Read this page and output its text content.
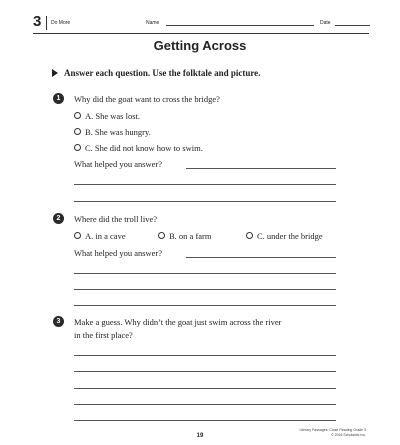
3 Do More	Name	Date
Getting Across
Answer each question. Use the folktale and picture.
1	Why did the goat want to cross the bridge?
A. She was lost.
B. She was hungry.
C. She did not know how to swim.
What helped you answer?
2	Where did the troll live?
A. in a cave	B. on a farm	C. under the bridge
What helped you answer?
3	Make a guess. Why didn’t the goat just swim across the river
in the first place?
19
Literary Passages: Close Reading Grade 3
© 2016 Scholastic Inc.
